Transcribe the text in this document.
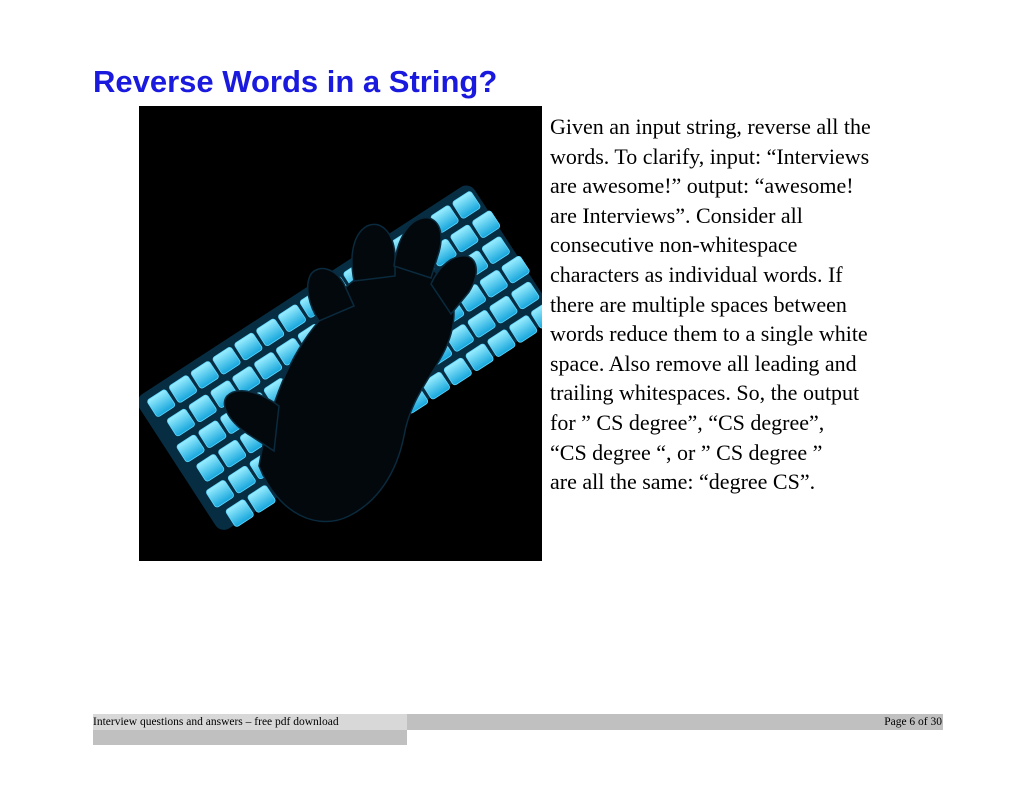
Reverse Words in a String?

Given an input string, reverse all the
words. To clarify, input: “Interviews
are awesome!” output: “awesome!
are Interviews”. Consider all
consecutive non-whitespace
characters as individual words. If
there are multiple spaces between
words reduce them to a single white
space. Also remove all leading and
trailing whitespaces. So, the output
for ” CS degree”, “CS degree”,
“CS degree “, or ” CS degree ”
are all the same: “degree CS”.

Interview questions and answers – free pdf download	Page 6 of 30
